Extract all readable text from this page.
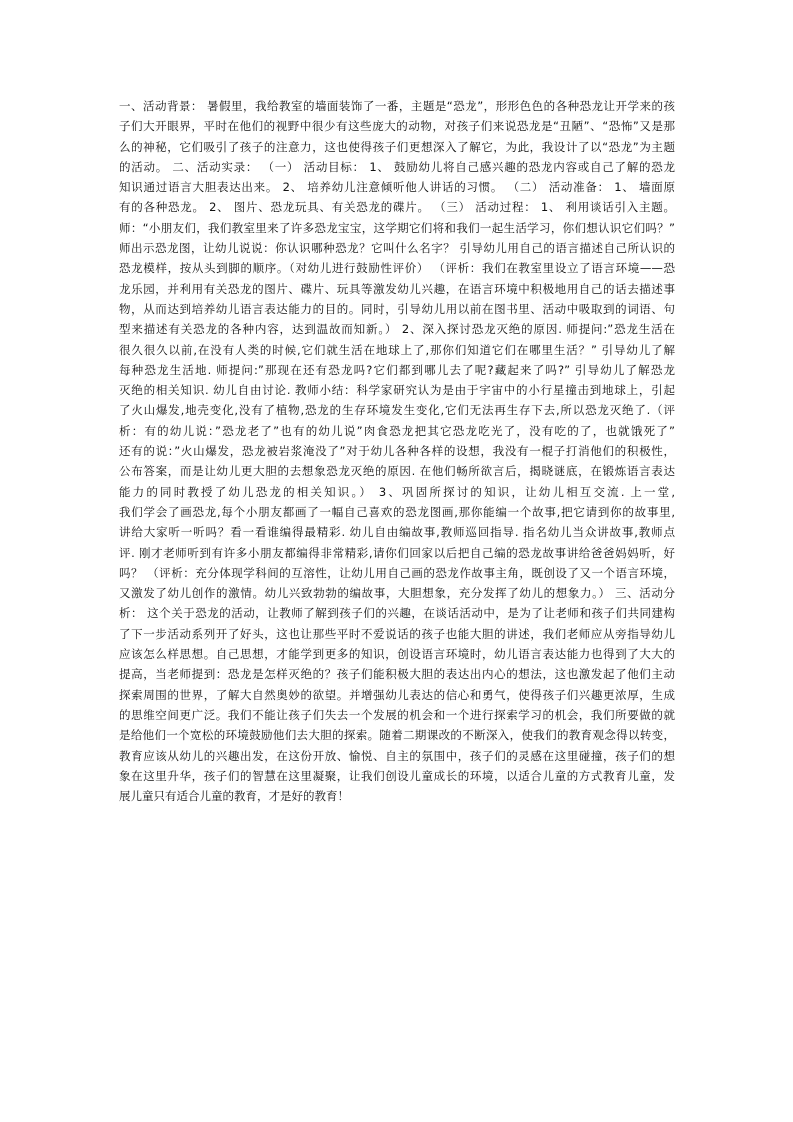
一、活动背景： 暑假里，我给教室的墙面装饰了一番，主题是“恐龙”，形形色色的各种恐龙让开学来的孩
子们大开眼界，平时在他们的视野中很少有这些庞大的动物，对孩子们来说恐龙是“丑陋”、“恐怖”又是那
么的神秘，它们吸引了孩子的注意力，这也使得孩子们更想深入了解它，为此，我设计了以“恐龙”为主题
的活动。 二、活动实录： （一） 活动目标： 1、 鼓励幼儿将自己感兴趣的恐龙内容或自己了解的恐龙
知识通过语言大胆表达出来。 2、 培养幼儿注意倾听他人讲话的习惯。 （二） 活动准备： 1、 墙面原
有的各种恐龙。 2、 图片、恐龙玩具、有关恐龙的碟片。 （三） 活动过程： 1、 利用谈话引入主题。
师：“小朋友们，我们教室里来了许多恐龙宝宝，这学期它们将和我们一起生活学习，你们想认识它们吗？”
师出示恐龙图，让幼儿说说：你认识哪种恐龙？它叫什么名字？ 引导幼儿用自己的语言描述自己所认识的
恐龙模样，按从头到脚的顺序。（对幼儿进行鼓励性评价） （评析：我们在教室里设立了语言环境——恐
龙乐园，并利用有关恐龙的图片、碟片、玩具等激发幼儿兴趣，在语言环境中积极地用自己的话去描述事
物，从而达到培养幼儿语言表达能力的目的。同时，引导幼儿用以前在图书里、活动中吸取到的词语、句
型来描述有关恐龙的各种内容，达到温故而知新。） 2、深入探讨恐龙灭绝的原因. 师提问:”恐龙生活在
很久很久以前,在没有人类的时候,它们就生活在地球上了,那你们知道它们在哪里生活？” 引导幼儿了解
每种恐龙生活地. 师提问:”那现在还有恐龙吗?它们都到哪儿去了呢?藏起来了吗?” 引导幼儿了解恐龙
灭绝的相关知识. 幼儿自由讨论. 教师小结：科学家研究认为是由于宇宙中的小行星撞击到地球上，引起
了火山爆发,地壳变化,没有了植物,恐龙的生存环境发生变化,它们无法再生存下去,所以恐龙灭绝了.（评
析：有的幼儿说：”恐龙老了”也有的幼儿说”肉食恐龙把其它恐龙吃光了，没有吃的了，也就饿死了”
还有的说：”火山爆发，恐龙被岩浆淹没了”对于幼儿各种各样的设想，我没有一棍子打消他们的积极性，
公布答案，而是让幼儿更大胆的去想象恐龙灭绝的原因. 在他们畅所欲言后，揭晓谜底，在锻炼语言表达
能力的同时教授了幼儿恐龙的相关知识。） 3、巩固所探讨的知识，让幼儿相互交流. 上一堂,
我们学会了画恐龙,每个小朋友都画了一幅自己喜欢的恐龙图画,那你能编一个故事,把它请到你的故事里,
讲给大家听一听吗？看一看谁编得最精彩. 幼儿自由编故事,教师巡回指导. 指名幼儿当众讲故事,教师点
评. 刚才老师听到有许多小朋友都编得非常精彩,请你们回家以后把自己编的恐龙故事讲给爸爸妈妈听，好
吗？ （评析：充分体现学科间的互溶性，让幼儿用自己画的恐龙作故事主角，既创设了又一个语言环境，
又激发了幼儿创作的激情。幼儿兴致勃勃的编故事，大胆想象，充分发挥了幼儿的想象力。） 三、活动分
析： 这个关于恐龙的活动，让教师了解到孩子们的兴趣，在谈话活动中，是为了让老师和孩子们共同建构
了下一步活动系列开了好头，这也让那些平时不爱说话的孩子也能大胆的讲述，我们老师应从旁指导幼儿
应该怎么样思想。自己思想，才能学到更多的知识，创设语言环境时，幼儿语言表达能力也得到了大大的
提高，当老师提到：恐龙是怎样灭绝的？孩子们能积极大胆的表达出内心的想法，这也激发起了他们主动
探索周围的世界，了解大自然奥妙的欲望。并增强幼儿表达的信心和勇气，使得孩子们兴趣更浓厚，生成
的思维空间更广泛。我们不能让孩子们失去一个发展的机会和一个进行探索学习的机会，我们所要做的就
是给他们一个宽松的环境鼓励他们去大胆的探索。随着二期课改的不断深入，使我们的教育观念得以转变，
教育应该从幼儿的兴趣出发，在这份开放、愉悦、自主的氛围中，孩子们的灵感在这里碰撞，孩子们的想
象在这里升华，孩子们的智慧在这里凝聚，让我们创设儿童成长的环境，以适合儿童的方式教育儿童，发
展儿童只有适合儿童的教育，才是好的教育！
